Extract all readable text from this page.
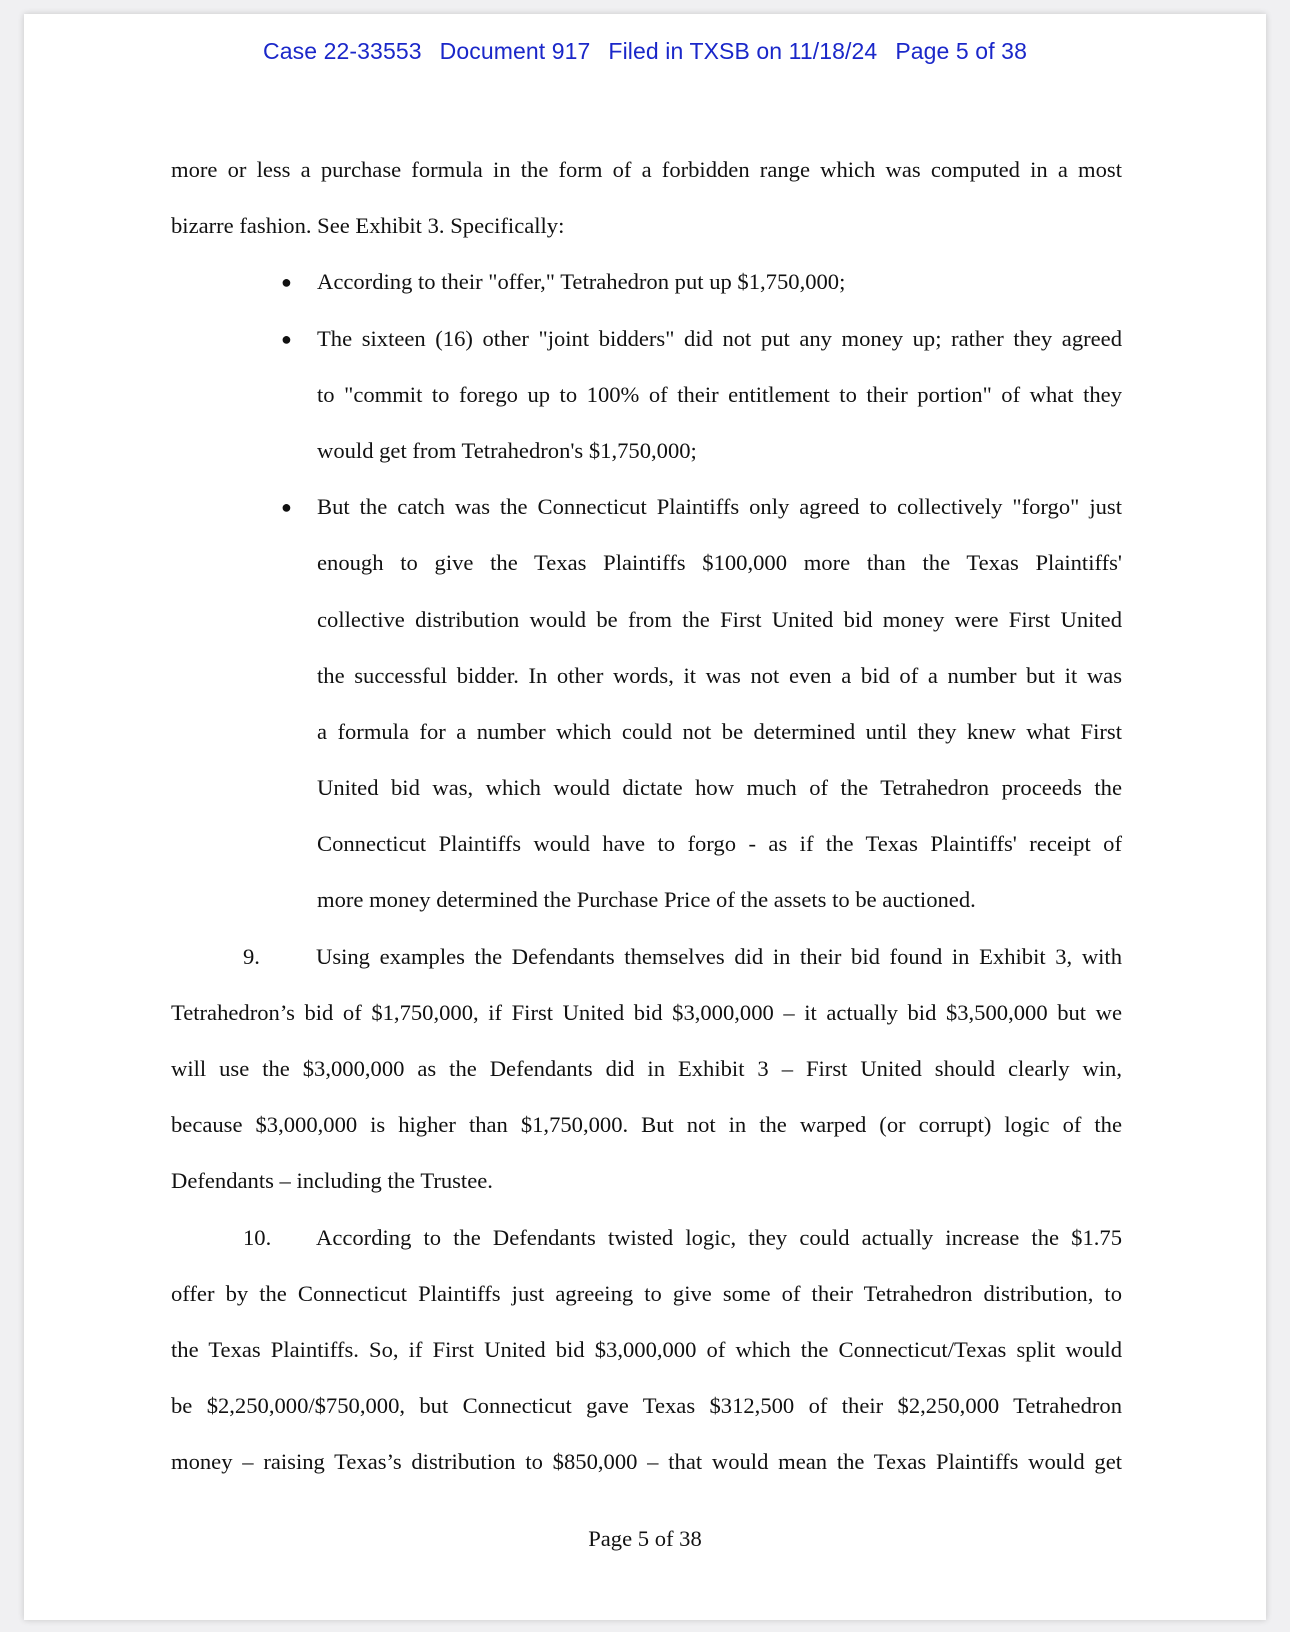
Case 22-33553 Document 917 Filed in TXSB on 11/18/24 Page 5 of 38
more or less a purchase formula in the form of a forbidden range which was computed in a most
bizarre fashion. See Exhibit 3. Specifically:
● According to their "offer," Tetrahedron put up $1,750,000;
● The sixteen (16) other "joint bidders" did not put any money up; rather they agreed
to "commit to forego up to 100% of their entitlement to their portion" of what they
would get from Tetrahedron's $1,750,000;
● But the catch was the Connecticut Plaintiffs only agreed to collectively "forgo" just
enough to give the Texas Plaintiffs $100,000 more than the Texas Plaintiffs'
collective distribution would be from the First United bid money were First United
the successful bidder. In other words, it was not even a bid of a number but it was
a formula for a number which could not be determined until they knew what First
United bid was, which would dictate how much of the Tetrahedron proceeds the
Connecticut Plaintiffs would have to forgo - as if the Texas Plaintiffs' receipt of
more money determined the Purchase Price of the assets to be auctioned.
9.	Using examples the Defendants themselves did in their bid found in Exhibit 3, with
Tetrahedron’s bid of $1,750,000, if First United bid $3,000,000 – it actually bid $3,500,000 but we
will use the $3,000,000 as the Defendants did in Exhibit 3 – First United should clearly win,
because $3,000,000 is higher than $1,750,000. But not in the warped (or corrupt) logic of the
Defendants – including the Trustee.
10.	According to the Defendants twisted logic, they could actually increase the $1.75
offer by the Connecticut Plaintiffs just agreeing to give some of their Tetrahedron distribution, to
the Texas Plaintiffs. So, if First United bid $3,000,000 of which the Connecticut/Texas split would
be $2,250,000/$750,000, but Connecticut gave Texas $312,500 of their $2,250,000 Tetrahedron
money – raising Texas’s distribution to $850,000 – that would mean the Texas Plaintiffs would get
Page 5 of 38
